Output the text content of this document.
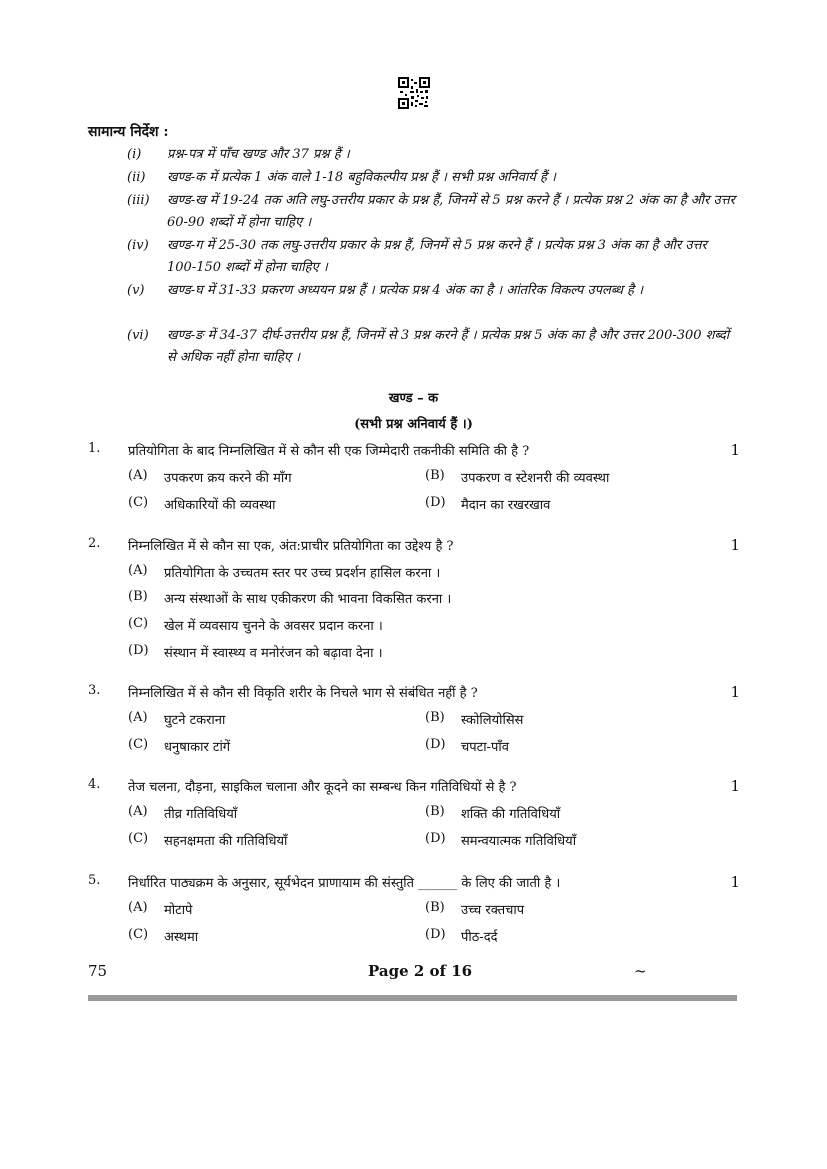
सामान्य निर्देश :
(i)	प्रश्न-पत्र में पाँच खण्ड और 37 प्रश्न हैं ।
(ii)	खण्ड-क में प्रत्येक 1 अंक वाले 1-18 बहुविकल्पीय प्रश्न हैं । सभी प्रश्न अनिवार्य हैं ।
(iii)	खण्ड-ख में 19-24 तक अति लघु-उत्तरीय प्रकार के प्रश्न हैं, जिनमें से 5 प्रश्न करने हैं । प्रत्येक प्रश्न 2 अंक का है और उत्तर 60-90 शब्दों में होना चाहिए ।
(iv)	खण्ड-ग में 25-30 तक लघु-उत्तरीय प्रकार के प्रश्न हैं, जिनमें से 5 प्रश्न करने हैं । प्रत्येक प्रश्न 3 अंक का है और उत्तर 100-150 शब्दों में होना चाहिए ।
(v)	खण्ड-घ में 31-33 प्रकरण अध्ययन प्रश्न हैं । प्रत्येक प्रश्न 4 अंक का है । आंतरिक विकल्प उपलब्ध है ।
(vi)	खण्ड-ङ में 34-37 दीर्घ-उत्तरीय प्रश्न हैं, जिनमें से 3 प्रश्न करने हैं । प्रत्येक प्रश्न 5 अंक का है और उत्तर 200-300 शब्दों से अधिक नहीं होना चाहिए ।
खण्ड – क
(सभी प्रश्न अनिवार्य हैं ।)
1. प्रतियोगिता के बाद निम्नलिखित में से कौन सी एक जिम्मेदारी तकनीकी समिति की है ?	1
(A) उपकरण क्रय करने की माँग	(B) उपकरण व स्टेशनरी की व्यवस्था
(C) अधिकारियों की व्यवस्था	(D) मैदान का रखरखाव
2. निम्नलिखित में से कौन सा एक, अंत:प्राचीर प्रतियोगिता का उद्देश्य है ?	1
(A) प्रतियोगिता के उच्चतम स्तर पर उच्च प्रदर्शन हासिल करना ।
(B) अन्य संस्थाओं के साथ एकीकरण की भावना विकसित करना ।
(C) खेल में व्यवसाय चुनने के अवसर प्रदान करना ।
(D) संस्थान में स्वास्थ्य व मनोरंजन को बढ़ावा देना ।
3. निम्नलिखित में से कौन सी विकृति शरीर के निचले भाग से संबंधित नहीं है ?	1
(A) घुटने टकराना	(B) स्कोलियोसिस
(C) धनुषाकार टांगें	(D) चपटा-पाँव
4. तेज चलना, दौड़ना, साइकिल चलाना और कूदने का सम्बन्ध किन गतिविधियों से है ?	1
(A) तीव्र गतिविधियाँ	(B) शक्ति की गतिविधियाँ
(C) सहनक्षमता की गतिविधियाँ	(D) समन्वयात्मक गतिविधियाँ
5. निर्धारित पाठ्यक्रम के अनुसार, सूर्यभेदन प्राणायाम की संस्तुति ______ के लिए की जाती है ।	1
(A) मोटापे	(B) उच्च रक्तचाप
(C) अस्थमा	(D) पीठ-दर्द
75	Page 2 of 16	~
